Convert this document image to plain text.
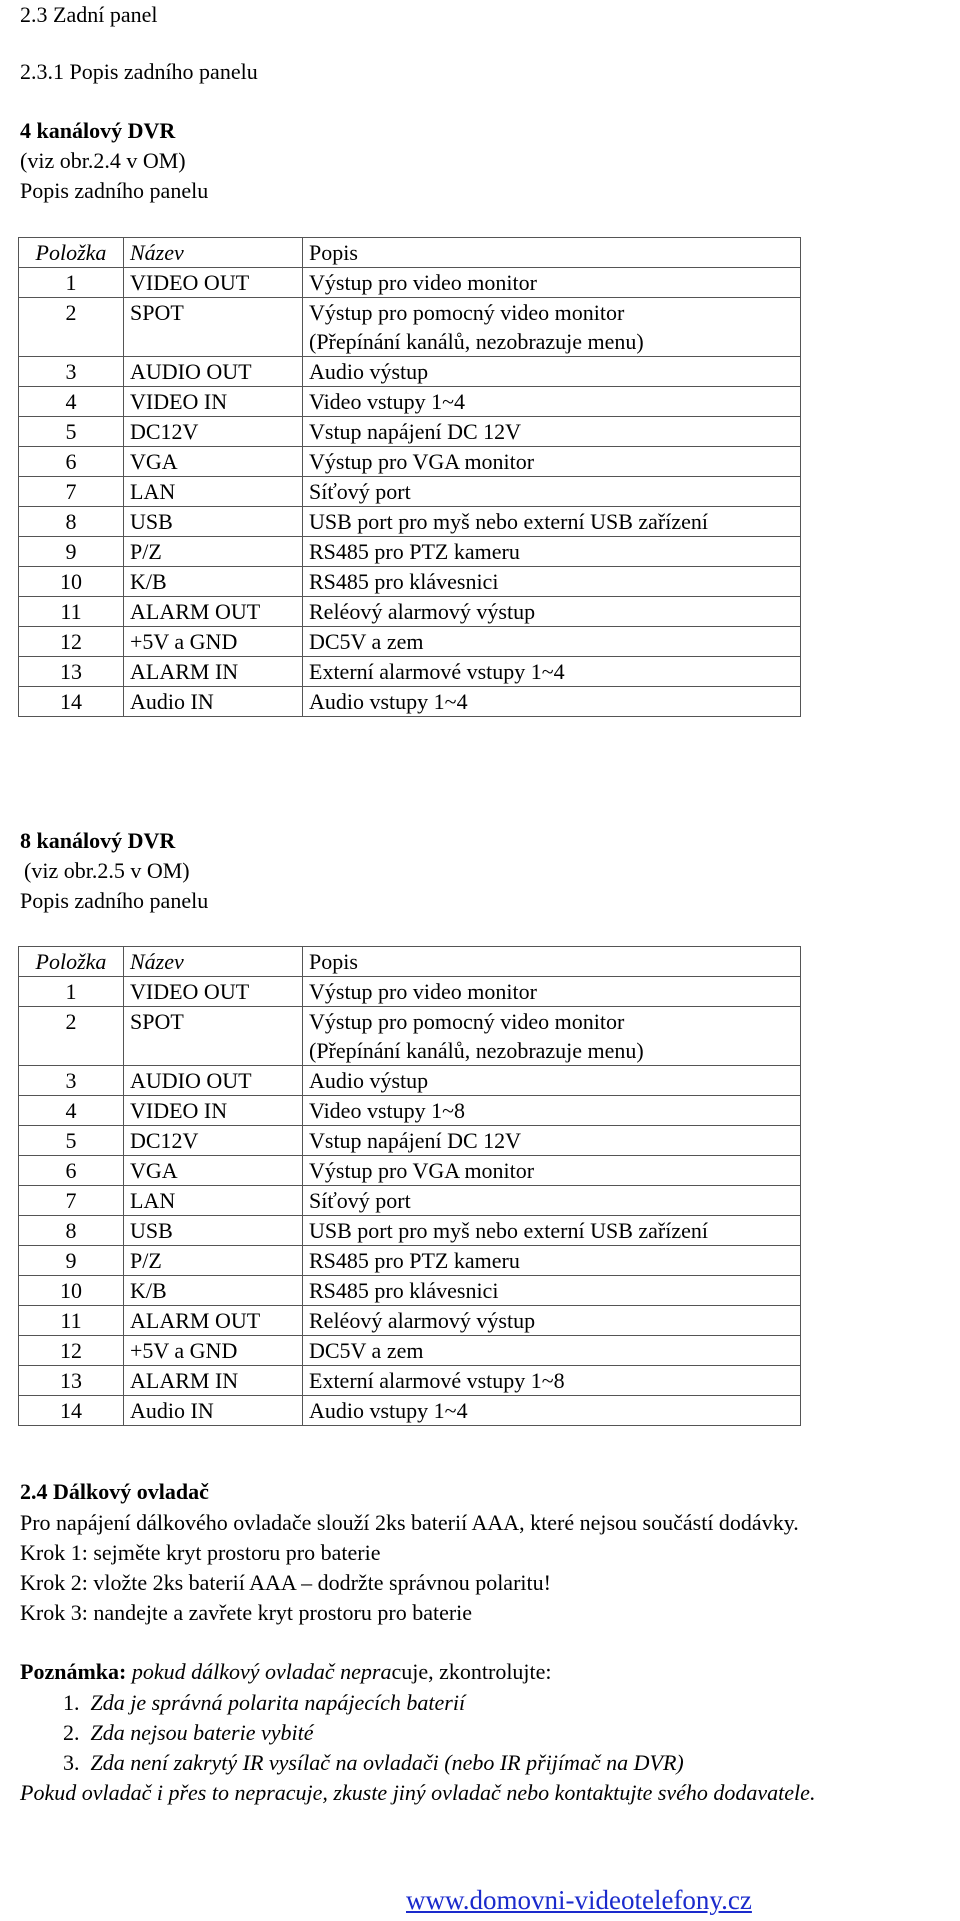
2.3 Zadní panel
2.3.1 Popis zadního panelu
4 kanálový DVR
(viz obr.2.4 v OM)
Popis zadního panelu
Položka	Název	Popis
1	VIDEO OUT	Výstup pro video monitor
2	SPOT	Výstup pro pomocný video monitor
(Přepínání kanálů, nezobrazuje menu)

3	AUDIO OUT	Audio výstup
4	VIDEO IN	Video vstupy 1~4
5	DC12V	Vstup napájení DC 12V
6	VGA	Výstup pro VGA monitor
7	LAN	Síťový port
8	USB	USB port pro myš nebo externí USB zařízení
9	P/Z	RS485 pro PTZ kameru
10	K/B	RS485 pro klávesnici
11	ALARM OUT	Reléový alarmový výstup
12	+5V a GND	DC5V a zem
13	ALARM IN	Externí alarmové vstupy 1~4
14	Audio IN	Audio vstupy 1~4
8 kanálový DVR
(viz obr.2.5 v OM)
Popis zadního panelu
Položka	Název	Popis
1	VIDEO OUT	Výstup pro video monitor
2	SPOT	Výstup pro pomocný video monitor
(Přepínání kanálů, nezobrazuje menu)

3	AUDIO OUT	Audio výstup
4	VIDEO IN	Video vstupy 1~8
5	DC12V	Vstup napájení DC 12V
6	VGA	Výstup pro VGA monitor
7	LAN	Síťový port
8	USB	USB port pro myš nebo externí USB zařízení
9	P/Z	RS485 pro PTZ kameru
10	K/B	RS485 pro klávesnici
11	ALARM OUT	Reléový alarmový výstup
12	+5V a GND	DC5V a zem
13	ALARM IN	Externí alarmové vstupy 1~8
14	Audio IN	Audio vstupy 1~4
2.4 Dálkový ovladač
Pro napájení dálkového ovladače slouží 2ks baterií AAA, které nejsou součástí dodávky.
Krok 1: sejměte kryt prostoru pro baterie
Krok 2: vložte 2ks baterií AAA – dodržte správnou polaritu!
Krok 3: nandejte a zavřete kryt prostoru pro baterie
Poznámka: pokud dálkový ovladač nepracuje, zkontrolujte:
1. Zda je správná polarita napájecích baterií
2. Zda nejsou baterie vybité
3. Zda není zakrytý IR vysílač na ovladači (nebo IR přijímač na DVR)
Pokud ovladač i přes to nepracuje, zkuste jiný ovladač nebo kontaktujte svého dodavatele.
www.domovni-videotelefony.cz
